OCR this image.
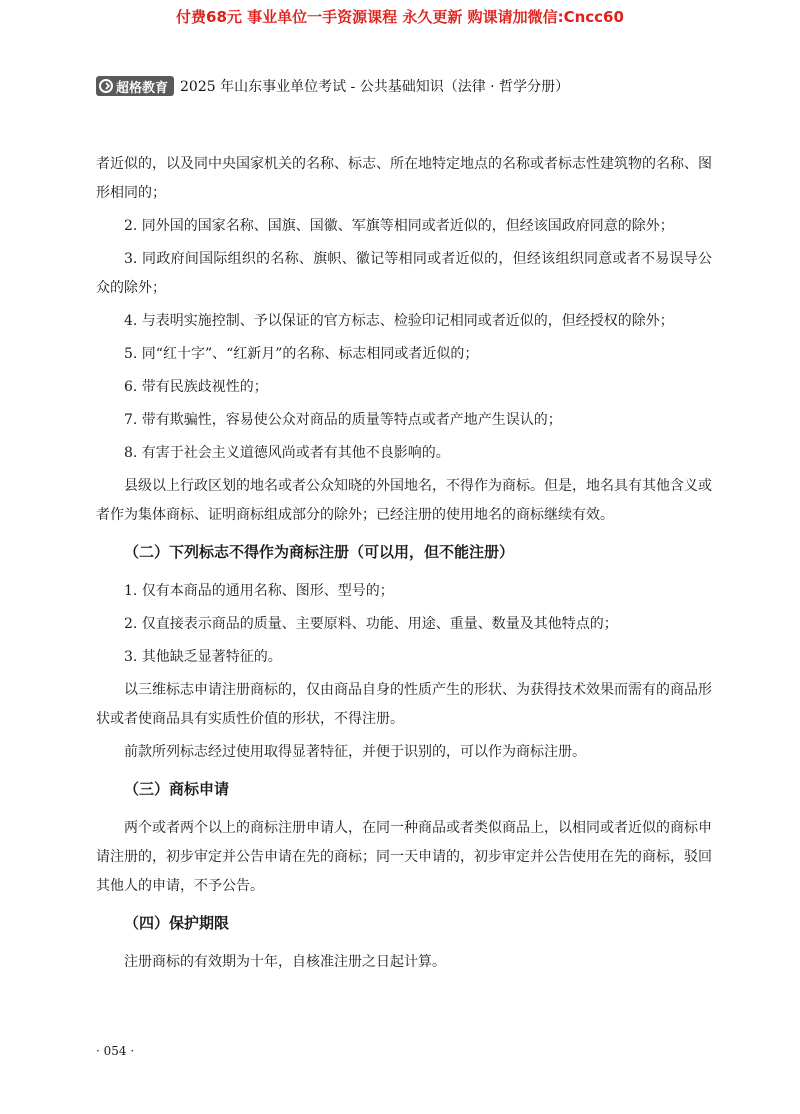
付费68元 事业单位一手资源课程 永久更新 购课请加微信:Cncc60
超格教育 2025 年山东事业单位考试 - 公共基础知识（法律 · 哲学分册）

者近似的，以及同中央国家机关的名称、标志、所在地特定地点的名称或者标志性建筑物的名称、图形相同的；

2. 同外国的国家名称、国旗、国徽、军旗等相同或者近似的，但经该国政府同意的除外；

3. 同政府间国际组织的名称、旗帜、徽记等相同或者近似的，但经该组织同意或者不易误导公众的除外；

4. 与表明实施控制、予以保证的官方标志、检验印记相同或者近似的，但经授权的除外；

5. 同“红十字”、“红新月”的名称、标志相同或者近似的；

6. 带有民族歧视性的；

7. 带有欺骗性，容易使公众对商品的质量等特点或者产地产生误认的；

8. 有害于社会主义道德风尚或者有其他不良影响的。

县级以上行政区划的地名或者公众知晓的外国地名，不得作为商标。但是，地名具有其他含义或者作为集体商标、证明商标组成部分的除外；已经注册的使用地名的商标继续有效。

（二）下列标志不得作为商标注册（可以用，但不能注册）

1. 仅有本商品的通用名称、图形、型号的；

2. 仅直接表示商品的质量、主要原料、功能、用途、重量、数量及其他特点的；

3. 其他缺乏显著特征的。

以三维标志申请注册商标的，仅由商品自身的性质产生的形状、为获得技术效果而需有的商品形状或者使商品具有实质性价值的形状，不得注册。

前款所列标志经过使用取得显著特征，并便于识别的，可以作为商标注册。

（三）商标申请

两个或者两个以上的商标注册申请人，在同一种商品或者类似商品上，以相同或者近似的商标申请注册的，初步审定并公告申请在先的商标；同一天申请的，初步审定并公告使用在先的商标，驳回其他人的申请，不予公告。

（四）保护期限

注册商标的有效期为十年，自核准注册之日起计算。

· 054 ·
